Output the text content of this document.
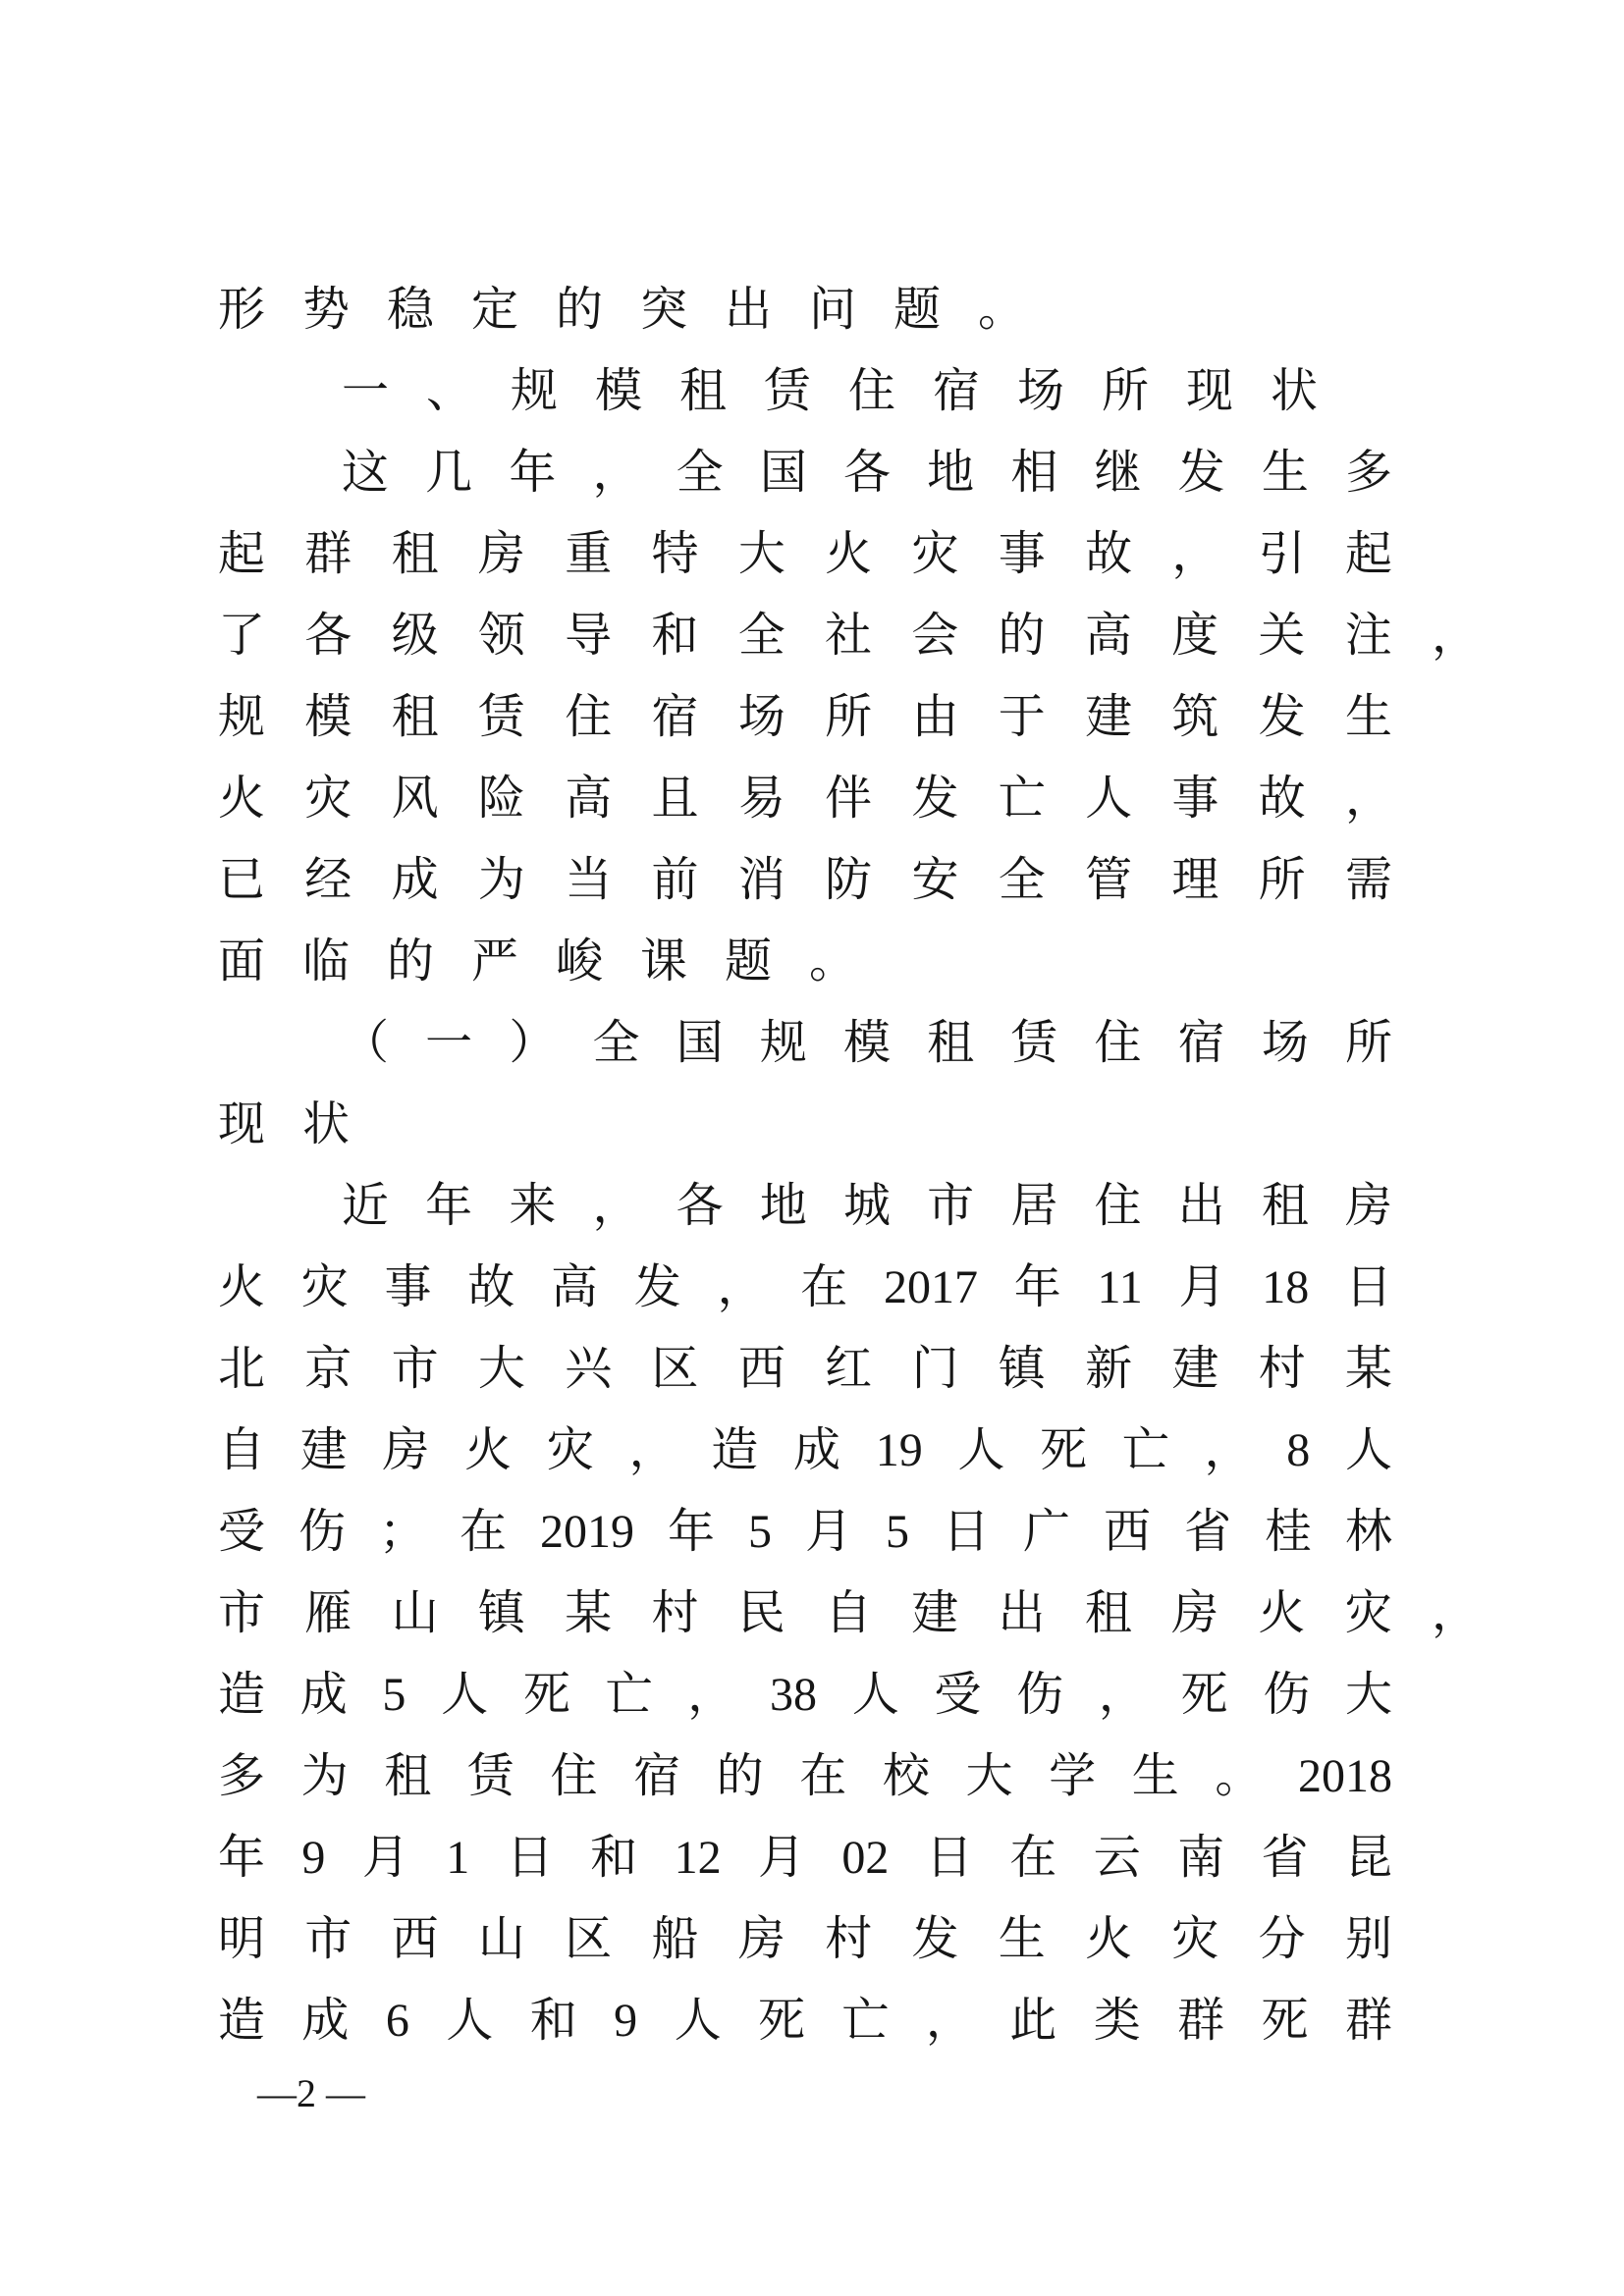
形势稳定的突出问题。
一、规模租赁住宿场所现状
这几年，全国各地相继发生多
起群租房重特大火灾事故，引起
了各级领导和全社会的高度关注，
规模租赁住宿场所由于建筑发生
火灾风险高且易伴发亡人事故，
已经成为当前消防安全管理所需
面临的严峻课题。
（一）全国规模租赁住宿场所
现状
近年来，各地城市居住出租房
火灾事故高发，在2017年11月18日
北京市大兴区西红门镇新建村某
自建房火灾，造成19人死亡，8人
受伤；在2019年5月5日广西省桂林
市雁山镇某村民自建出租房火灾，
造成5人死亡，38人受伤，死伤大
多为租赁住宿的在校大学生。2018
年9月1日和12月02日在云南省昆
明市西山区船房村发生火灾分别
造成6人和9人死亡，此类群死群
—2 —
